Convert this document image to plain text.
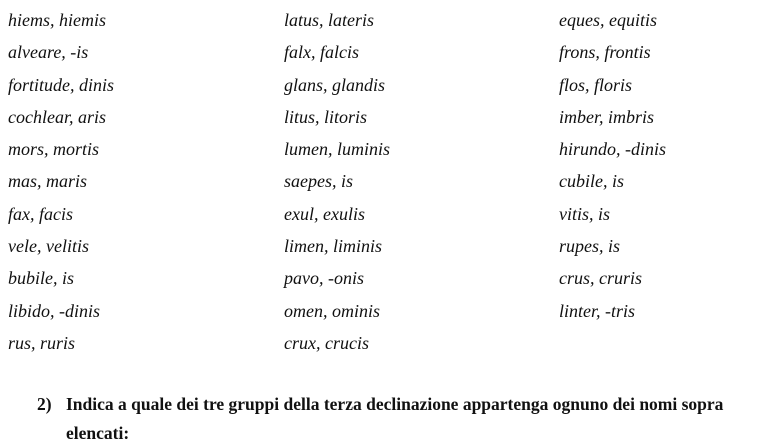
hiems, hiemis
alveare, -is
fortitude, dinis
cochlear, aris
mors, mortis
mas, maris
fax, facis
vele, velitis
bubile, is
libido, -dinis
rus, ruris
latus, lateris
falx, falcis
glans, glandis
litus, litoris
lumen, luminis
saepes, is
exul, exulis
limen, liminis
pavo, -onis
omen, ominis
crux, crucis
eques, equitis
frons, frontis
flos, floris
imber, imbris
hirundo, -dinis
cubile, is
vitis, is
rupes, is
crus, cruris
linter, -tris
2) Indica a quale dei tre gruppi della terza declinazione appartenga ognuno dei nomi sopra elencati:
